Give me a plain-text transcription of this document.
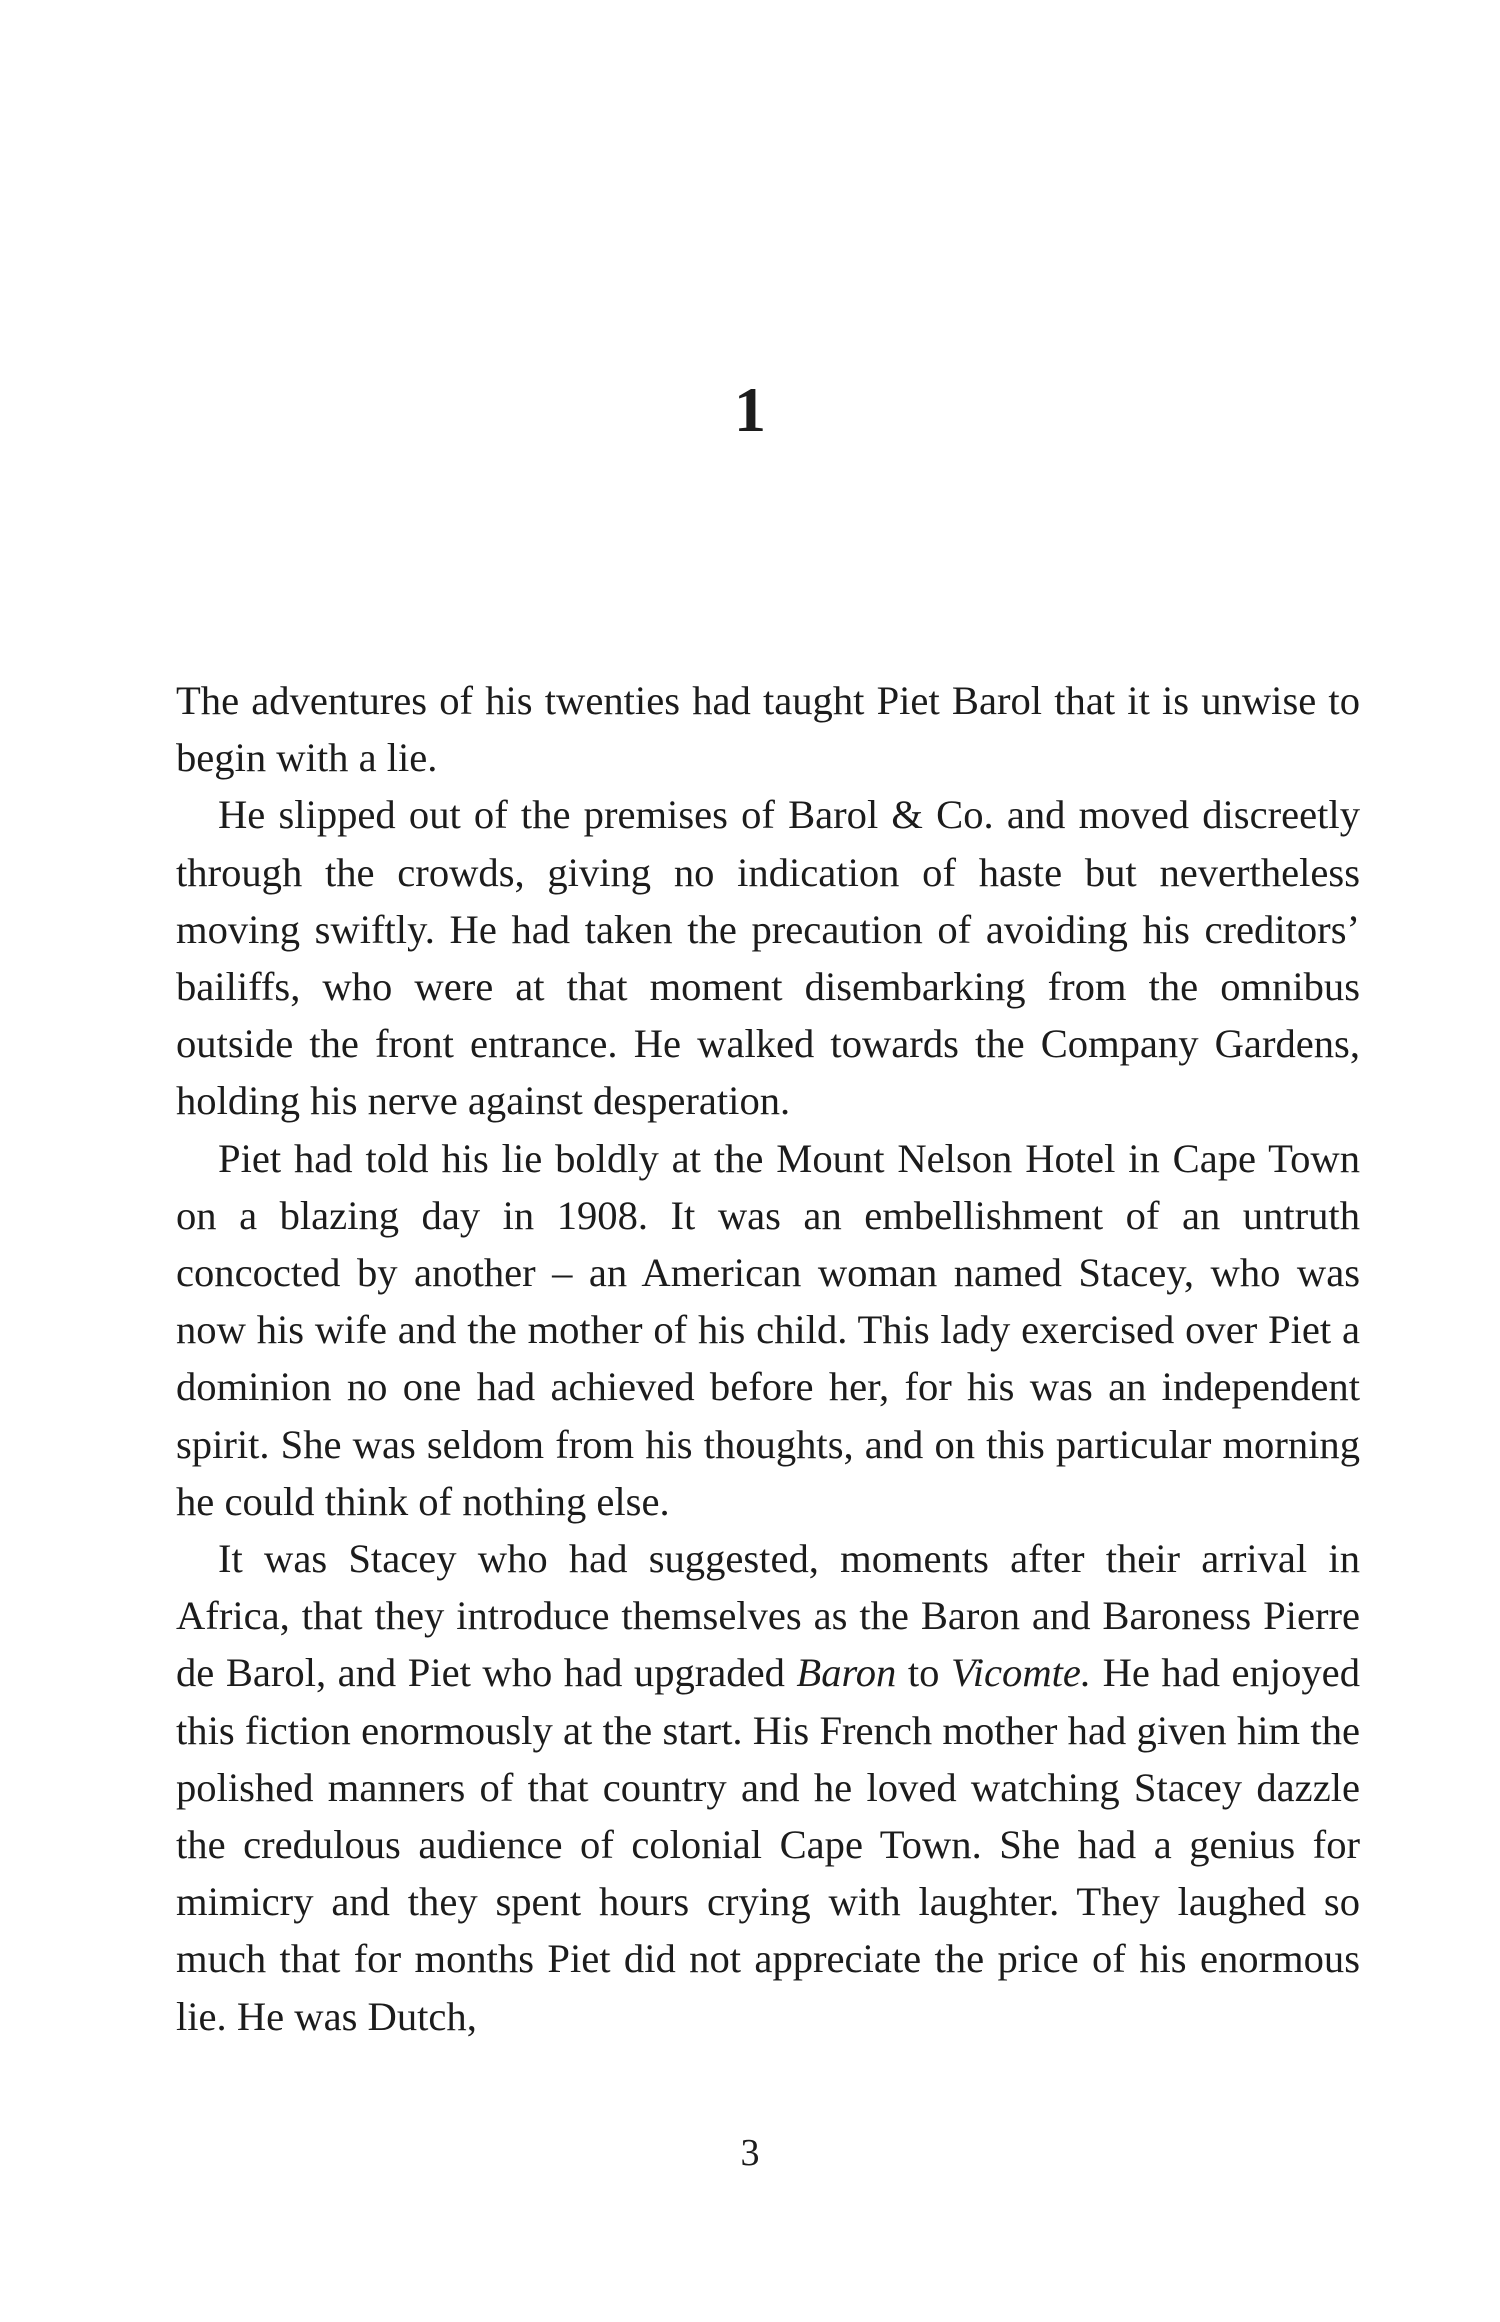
1

The adventures of his twenties had taught Piet Barol that it is unwise to begin with a lie.

He slipped out of the premises of Barol & Co. and moved discreetly through the crowds, giving no indication of haste but nevertheless moving swiftly. He had taken the precaution of avoiding his creditors’ bailiffs, who were at that moment disembarking from the omnibus outside the front entrance. He walked towards the Company Gardens, holding his nerve against desperation.

Piet had told his lie boldly at the Mount Nelson Hotel in Cape Town on a blazing day in 1908. It was an embellishment of an untruth concocted by another – an American woman named Stacey, who was now his wife and the mother of his child. This lady exercised over Piet a dominion no one had achieved before her, for his was an independent spirit. She was seldom from his thoughts, and on this particular morning he could think of nothing else.

It was Stacey who had suggested, moments after their arrival in Africa, that they introduce themselves as the Baron and Baroness Pierre de Barol, and Piet who had upgraded Baron to Vicomte. He had enjoyed this fiction enormously at the start. His French mother had given him the polished manners of that country and he loved watching Stacey dazzle the credulous audience of colonial Cape Town. She had a genius for mimicry and they spent hours crying with laughter. They laughed so much that for months Piet did not appreciate the price of his enormous lie. He was Dutch,

3
